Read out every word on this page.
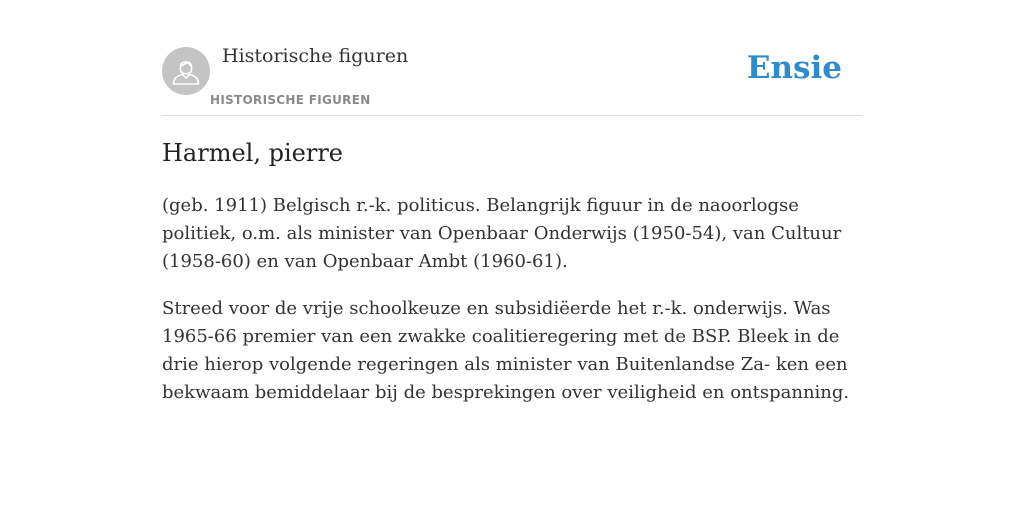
Historische figuren
HISTORISCHE FIGUREN
Ensie
Harmel, pierre

(geb. 1911) Belgisch r.-k. politicus. Belangrijk figuur in de naoorlogse politiek, o.m. als minister van Openbaar Onderwijs (1950-54), van Cultuur (1958-60) en van Openbaar Ambt (1960-61).

Streed voor de vrije schoolkeuze en subsidiëerde het r.-k. onderwijs. Was 1965-66 premier van een zwakke coalitieregering met de BSP. Bleek in de drie hierop volgende regeringen als minister van Buitenlandse Za- ken een bekwaam bemiddelaar bij de besprekingen over veiligheid en ontspanning.
